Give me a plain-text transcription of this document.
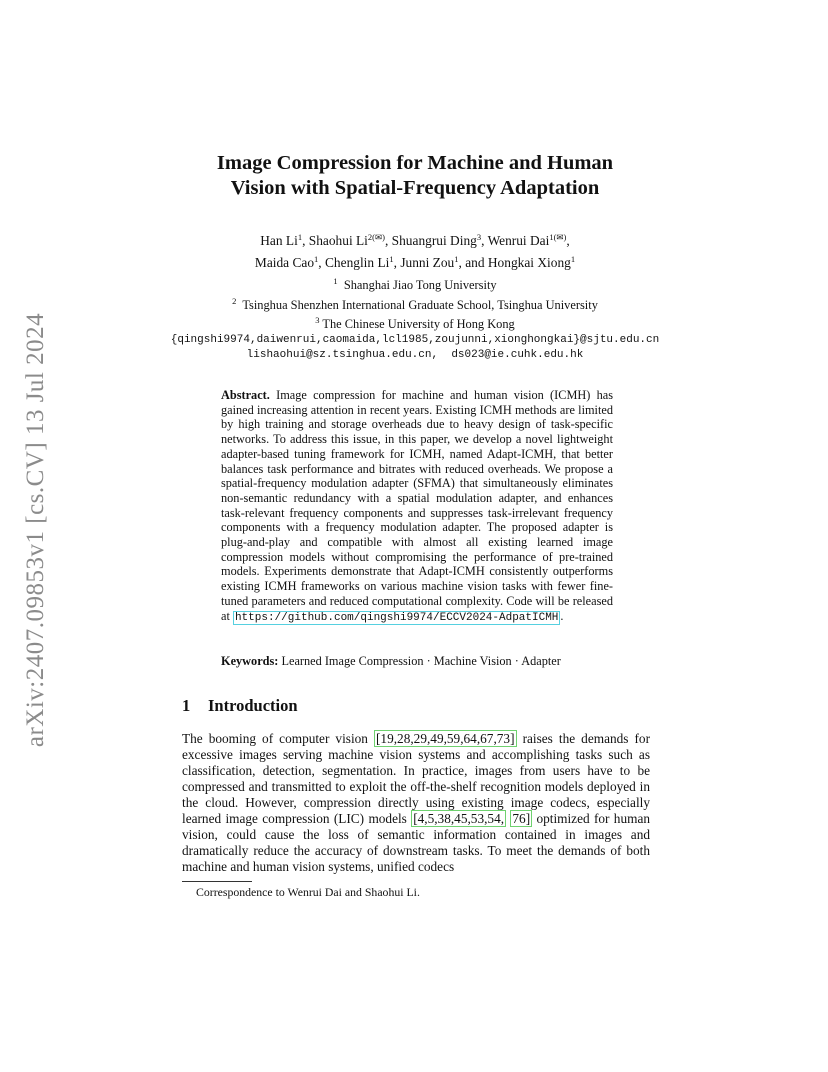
arXiv:2407.09853v1 [cs.CV] 13 Jul 2024
Image Compression for Machine and Human
Vision with Spatial-Frequency Adaptation
Han Li$^1$, Shaohui $Li^{2(✉)}$, Shuangrui Ding$^3$, Wenrui Dai$^{1(✉)}$,
Maida Cao$^1$, Chenglin Li$^1$, Junni Zou$^1$, and Hongkai Xiong$^1$
$^1$ Shanghai Jiao Tong University
$^2$ Tsinghua Shenzhen International Graduate School, Tsinghua University
$^3$ The Chinese University of Hong Kong
{qingshi9974,daiwenrui,caomaida,lcl1985,zoujunni,xionghongkai}@sjtu.edu.cn
lishaohui@sz.tsinghua.edu.cn,  ds023@ie.cuhk.edu.hk
Abstract. Image compression for machine and human vision (ICMH) has gained increasing attention in recent years. Existing ICMH methods are limited by high training and storage overheads due to heavy design of task-specific networks. To address this issue, in this paper, we develop a novel lightweight adapter-based tuning framework for ICMH, named Adapt-ICMH, that better balances task performance and bitrates with reduced overheads. We propose a spatial-frequency modulation adapter (SFMA) that simultaneously eliminates non-semantic redundancy with a spatial modulation adapter, and enhances task-relevant frequency components and suppresses task-irrelevant frequency components with a frequency modulation adapter. The proposed adapter is plug-and-play and compatible with almost all existing learned image compression models without compromising the performance of pre-trained models. Experiments demonstrate that Adapt-ICMH consistently outperforms existing ICMH frameworks on various machine vision tasks with fewer fine-tuned parameters and reduced computational complexity. Code will be released at https://github.com/qingshi9974/ECCV2024-AdpatICMH .
Keywords: Learned Image Compression · Machine Vision · Adapter
1 Introduction
The booming of computer vision [19,28,29,49,59,64,67,73] raises the demands for excessive images serving machine vision systems and accomplishing tasks such as classification, detection, segmentation. In practice, images from users have to be compressed and transmitted to exploit the off-the-shelf recognition models deployed in the cloud. However, compression directly using existing image codecs, especially learned image compression (LIC) models [4,5,38,45,53,54, 76] optimized for human vision, could cause the loss of semantic information contained in images and dramatically reduce the accuracy of downstream tasks. To meet the demands of both machine and human vision systems, unified codecs
Correspondence to Wenrui Dai and Shaohui Li.
